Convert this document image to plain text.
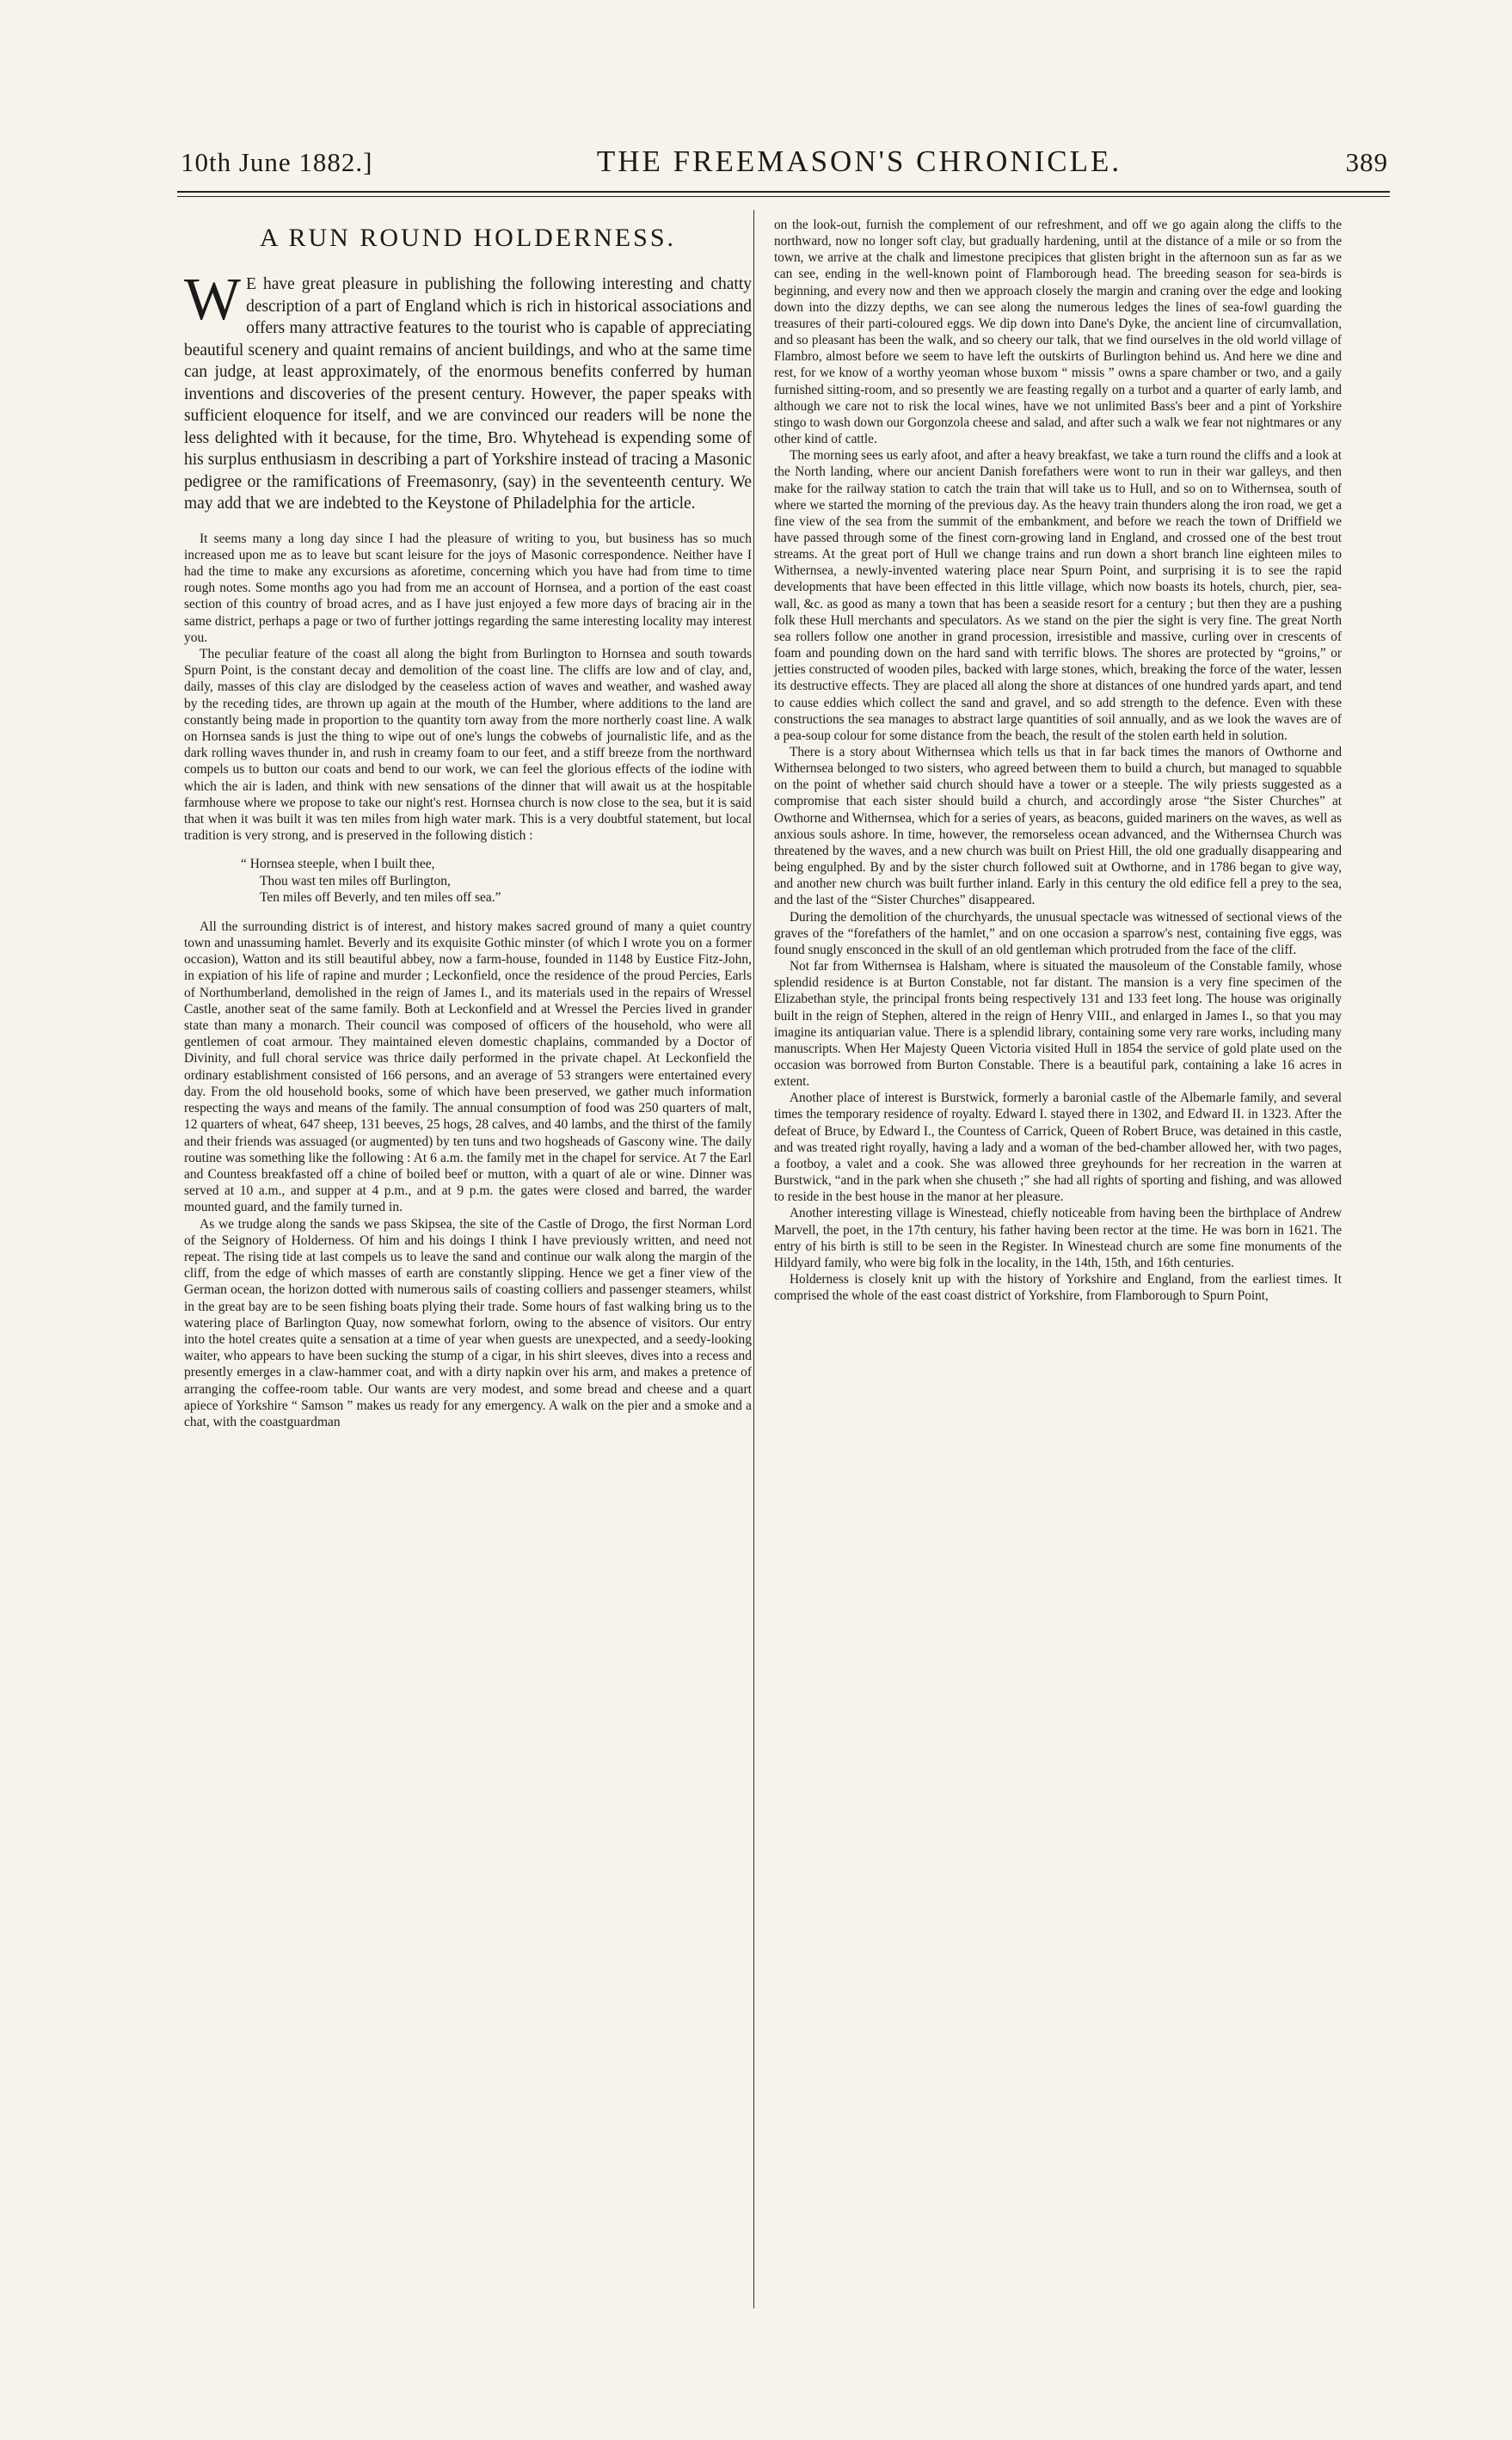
10th June 1882.]	THE FREEMASON'S CHRONICLE.	389
A RUN ROUND HOLDERNESS.

W E have great pleasure in publishing the following interesting and chatty description of a part of England which is rich in historical associations and offers many attractive features to the tourist who is capable of appreciating beautiful scenery and quaint remains of ancient buildings, and who at the same time can judge, at least approximately, of the enormous benefits conferred by human inventions and discoveries of the present century. However, the paper speaks with sufficient eloquence for itself, and we are convinced our readers will be none the less delighted with it because, for the time, Bro. Whytehead is expending some of his surplus enthusiasm in describing a part of Yorkshire instead of tracing a Masonic pedigree or the ramifications of Freemasonry, (say) in the seventeenth century. We may add that we are indebted to the Keystone of Philadelphia for the article.

It seems many a long day since I had the pleasure of writing to you, but business has so much increased upon me as to leave but scant leisure for the joys of Masonic correspondence. Neither have I had the time to make any excursions as aforetime, concerning which you have had from time to time rough notes. Some months ago you had from me an account of Hornsea, and a portion of the east coast section of this country of broad acres, and as I have just enjoyed a few more days of bracing air in the same district, perhaps a page or two of further jottings regarding the same interesting locality may interest you.

The peculiar feature of the coast all along the bight from Burlington to Hornsea and south towards Spurn Point, is the constant decay and demolition of the coast line. The cliffs are low and of clay, and, daily, masses of this clay are dislodged by the ceaseless action of waves and weather, and washed away by the receding tides, are thrown up again at the mouth of the Humber, where additions to the land are constantly being made in proportion to the quantity torn away from the more northerly coast line. A walk on Hornsea sands is just the thing to wipe out of one's lungs the cobwebs of journalistic life, and as the dark rolling waves thunder in, and rush in creamy foam to our feet, and a stiff breeze from the northward compels us to button our coats and bend to our work, we can feel the glorious effects of the iodine with which the air is laden, and think with new sensations of the dinner that will await us at the hospitable farmhouse where we propose to take our night's rest. Hornsea church is now close to the sea, but it is said that when it was built it was ten miles from high water mark. This is a very doubtful statement, but local tradition is very strong, and is preserved in the following distich :

“ Hornsea steeple, when I built thee,
Thou wast ten miles off Burlington,
Ten miles off Beverly, and ten miles off sea.”

All the surrounding district is of interest, and history makes sacred ground of many a quiet country town and unassuming hamlet. Beverly and its exquisite Gothic minster (of which I wrote you on a former occasion), Watton and its still beautiful abbey, now a farm-house, founded in 1148 by Eustice Fitz-John, in expiation of his life of rapine and murder ; Leckonfield, once the residence of the proud Percies, Earls of Northumberland, demolished in the reign of James I., and its materials used in the repairs of Wressel Castle, another seat of the same family. Both at Leckonfield and at Wressel the Percies lived in grander state than many a monarch. Their council was composed of officers of the household, who were all gentlemen of coat armour. They maintained eleven domestic chaplains, commanded by a Doctor of Divinity, and full choral service was thrice daily performed in the private chapel. At Leckonfield the ordinary establishment consisted of 166 persons, and an average of 53 strangers were entertained every day. From the old household books, some of which have been preserved, we gather much information respecting the ways and means of the family. The annual consumption of food was 250 quarters of malt, 12 quarters of wheat, 647 sheep, 131 beeves, 25 hogs, 28 calves, and 40 lambs, and the thirst of the family and their friends was assuaged (or augmented) by ten tuns and two hogsheads of Gascony wine. The daily routine was something like the following : At 6 a.m. the family met in the chapel for service. At 7 the Earl and Countess breakfasted off a chine of boiled beef or mutton, with a quart of ale or wine. Dinner was served at 10 a.m., and supper at 4 p.m., and at 9 p.m. the gates were closed and barred, the warder mounted guard, and the family turned in.

As we trudge along the sands we pass Skipsea, the site of the Castle of Drogo, the first Norman Lord of the Seignory of Holderness. Of him and his doings I think I have previously written, and need not repeat. The rising tide at last compels us to leave the sand and continue our walk along the margin of the cliff, from the edge of which masses of earth are constantly slipping. Hence we get a finer view of the German ocean, the horizon dotted with numerous sails of coasting colliers and passenger steamers, whilst in the great bay are to be seen fishing boats plying their trade. Some hours of fast walking bring us to the watering place of Barlington Quay, now somewhat forlorn, owing to the absence of visitors. Our entry into the hotel creates quite a sensation at a time of year when guests are unexpected, and a seedy-looking waiter, who appears to have been sucking the stump of a cigar, in his shirt sleeves, dives into a recess and presently emerges in a claw-hammer coat, and with a dirty napkin over his arm, and makes a pretence of arranging the coffee-room table. Our wants are very modest, and some bread and cheese and a quart apiece of Yorkshire “ Samson ” makes us ready for any emergency. A walk on the pier and a smoke and a chat, with the coastguardman

on the look-out, furnish the complement of our refreshment, and off we go again along the cliffs to the northward, now no longer soft clay, but gradually hardening, until at the distance of a mile or so from the town, we arrive at the chalk and limestone precipices that glisten bright in the afternoon sun as far as we can see, ending in the well-known point of Flamborough head. The breeding season for sea-birds is beginning, and every now and then we approach closely the margin and craning over the edge and looking down into the dizzy depths, we can see along the numerous ledges the lines of sea-fowl guarding the treasures of their parti-coloured eggs. We dip down into Dane's Dyke, the ancient line of circumvallation, and so pleasant has been the walk, and so cheery our talk, that we find ourselves in the old world village of Flambro, almost before we seem to have left the outskirts of Burlington behind us. And here we dine and rest, for we know of a worthy yeoman whose buxom “ missis ” owns a spare chamber or two, and a gaily furnished sitting-room, and so presently we are feasting regally on a turbot and a quarter of early lamb, and although we care not to risk the local wines, have we not unlimited Bass's beer and a pint of Yorkshire stingo to wash down our Gorgonzola cheese and salad, and after such a walk we fear not nightmares or any other kind of cattle.

The morning sees us early afoot, and after a heavy breakfast, we take a turn round the cliffs and a look at the North landing, where our ancient Danish forefathers were wont to run in their war galleys, and then make for the railway station to catch the train that will take us to Hull, and so on to Withernsea, south of where we started the morning of the previous day. As the heavy train thunders along the iron road, we get a fine view of the sea from the summit of the embankment, and before we reach the town of Driffield we have passed through some of the finest corn-growing land in England, and crossed one of the best trout streams. At the great port of Hull we change trains and run down a short branch line eighteen miles to Withernsea, a newly-invented watering place near Spurn Point, and surprising it is to see the rapid developments that have been effected in this little village, which now boasts its hotels, church, pier, sea-wall, &c. as good as many a town that has been a seaside resort for a century ; but then they are a pushing folk these Hull merchants and speculators. As we stand on the pier the sight is very fine. The great North sea rollers follow one another in grand procession, irresistible and massive, curling over in crescents of foam and pounding down on the hard sand with terrific blows. The shores are protected by “groins,” or jetties constructed of wooden piles, backed with large stones, which, breaking the force of the water, lessen its destructive effects. They are placed all along the shore at distances of one hundred yards apart, and tend to cause eddies which collect the sand and gravel, and so add strength to the defence. Even with these constructions the sea manages to abstract large quantities of soil annually, and as we look the waves are of a pea-soup colour for some distance from the beach, the result of the stolen earth held in solution.

There is a story about Withernsea which tells us that in far back times the manors of Owthorne and Withernsea belonged to two sisters, who agreed between them to build a church, but managed to squabble on the point of whether said church should have a tower or a steeple. The wily priests suggested as a compromise that each sister should build a church, and accordingly arose “the Sister Churches” at Owthorne and Withernsea, which for a series of years, as beacons, guided mariners on the waves, as well as anxious souls ashore. In time, however, the remorseless ocean advanced, and the Withernsea Church was threatened by the waves, and a new church was built on Priest Hill, the old one gradually disappearing and being engulphed. By and by the sister church followed suit at Owthorne, and in 1786 began to give way, and another new church was built further inland. Early in this century the old edifice fell a prey to the sea, and the last of the “Sister Churches” disappeared.

During the demolition of the churchyards, the unusual spectacle was witnessed of sectional views of the graves of the “forefathers of the hamlet,” and on one occasion a sparrow's nest, containing five eggs, was found snugly ensconced in the skull of an old gentleman which protruded from the face of the cliff.

Not far from Withernsea is Halsham, where is situated the mausoleum of the Constable family, whose splendid residence is at Burton Constable, not far distant. The mansion is a very fine specimen of the Elizabethan style, the principal fronts being respectively 131 and 133 feet long. The house was originally built in the reign of Stephen, altered in the reign of Henry VIII., and enlarged in James I., so that you may imagine its antiquarian value. There is a splendid library, containing some very rare works, including many manuscripts. When Her Majesty Queen Victoria visited Hull in 1854 the service of gold plate used on the occasion was borrowed from Burton Constable. There is a beautiful park, containing a lake 16 acres in extent.

Another place of interest is Burstwick, formerly a baronial castle of the Albemarle family, and several times the temporary residence of royalty. Edward I. stayed there in 1302, and Edward II. in 1323. After the defeat of Bruce, by Edward I., the Countess of Carrick, Queen of Robert Bruce, was detained in this castle, and was treated right royally, having a lady and a woman of the bed-chamber allowed her, with two pages, a footboy, a valet and a cook. She was allowed three greyhounds for her recreation in the warren at Burstwick, “and in the park when she chuseth ;” she had all rights of sporting and fishing, and was allowed to reside in the best house in the manor at her pleasure.

Another interesting village is Winestead, chiefly noticeable from having been the birthplace of Andrew Marvell, the poet, in the 17th century, his father having been rector at the time. He was born in 1621. The entry of his birth is still to be seen in the Register. In Winestead church are some fine monuments of the Hildyard family, who were big folk in the locality, in the 14th, 15th, and 16th centuries.

Holderness is closely knit up with the history of Yorkshire and England, from the earliest times. It comprised the whole of the east coast district of Yorkshire, from Flamborough to Spurn Point,
